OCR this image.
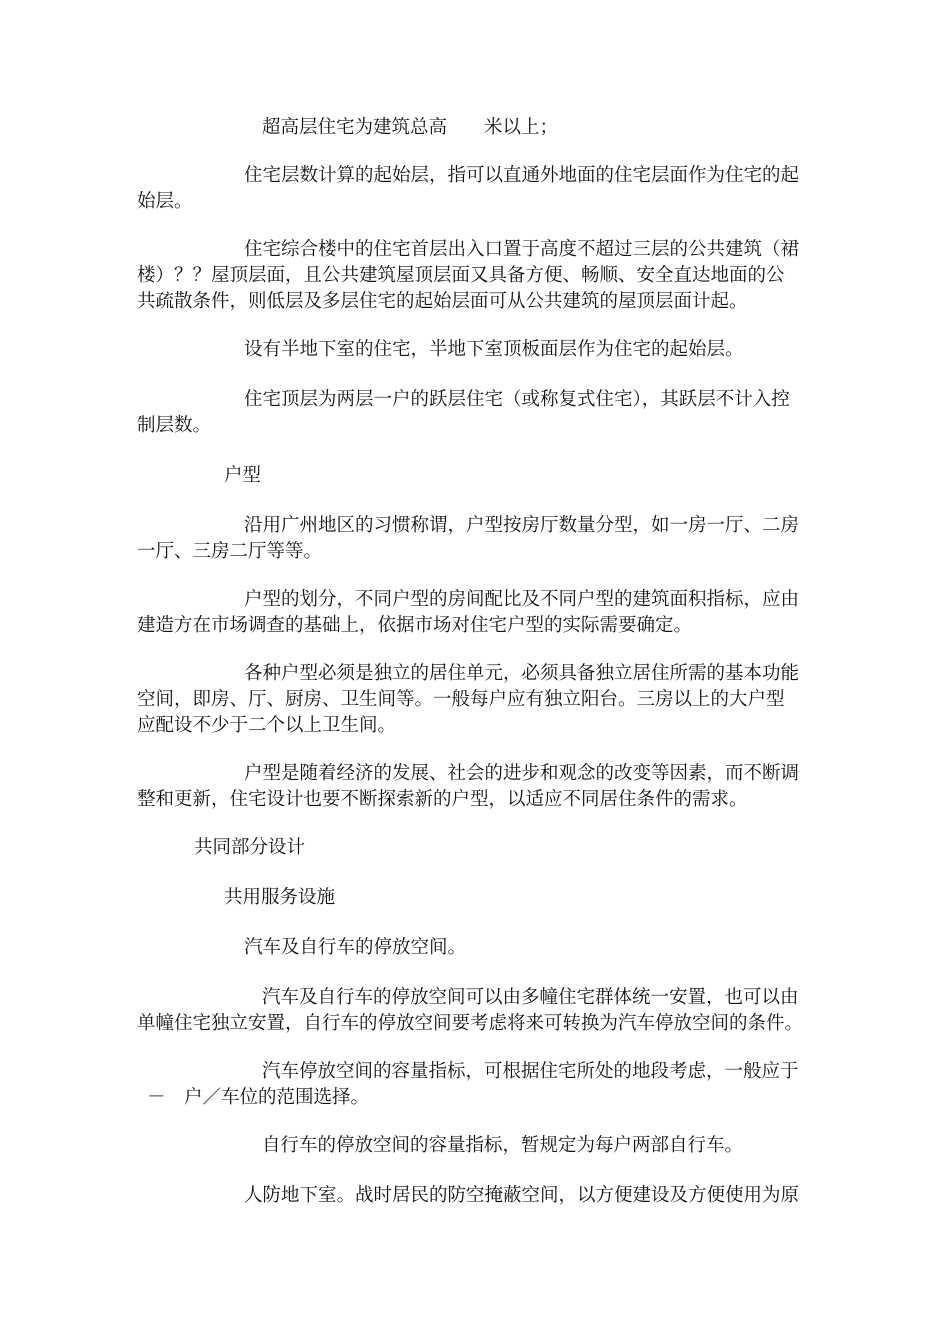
超高层住宅为建筑总高　　米以上；
住宅层数计算的起始层，指可以直通外地面的住宅层面作为住宅的起
始层。
住宅综合楼中的住宅首层出入口置于高度不超过三层的公共建筑（裙
楼）？？屋顶层面，且公共建筑屋顶层面又具备方便、畅顺、安全直达地面的公
共疏散条件，则低层及多层住宅的起始层面可从公共建筑的屋顶层面计起。
设有半地下室的住宅，半地下室顶板面层作为住宅的起始层。
住宅顶层为两层一户的跃层住宅（或称复式住宅），其跃层不计入控
制层数。
户型
沿用广州地区的习惯称谓，户型按房厅数量分型，如一房一厅、二房
一厅、三房二厅等等。
户型的划分，不同户型的房间配比及不同户型的建筑面积指标，应由
建造方在市场调查的基础上，依据市场对住宅户型的实际需要确定。
各种户型必须是独立的居住单元，必须具备独立居住所需的基本功能
空间，即房、厅、厨房、卫生间等。一般每户应有独立阳台。三房以上的大户型
应配设不少于二个以上卫生间。
户型是随着经济的发展、社会的进步和观念的改变等因素，而不断调
整和更新，住宅设计也要不断探索新的户型，以适应不同居住条件的需求。
共同部分设计
共用服务设施
汽车及自行车的停放空间。
汽车及自行车的停放空间可以由多幢住宅群体统一安置，也可以由
单幢住宅独立安置，自行车的停放空间要考虑将来可转换为汽车停放空间的条件。
汽车停放空间的容量指标，可根据住宅所处的地段考虑，一般应于
－　户／车位的范围选择。
自行车的停放空间的容量指标，暂规定为每户两部自行车。
人防地下室。战时居民的防空掩蔽空间，以方便建设及方便使用为原
